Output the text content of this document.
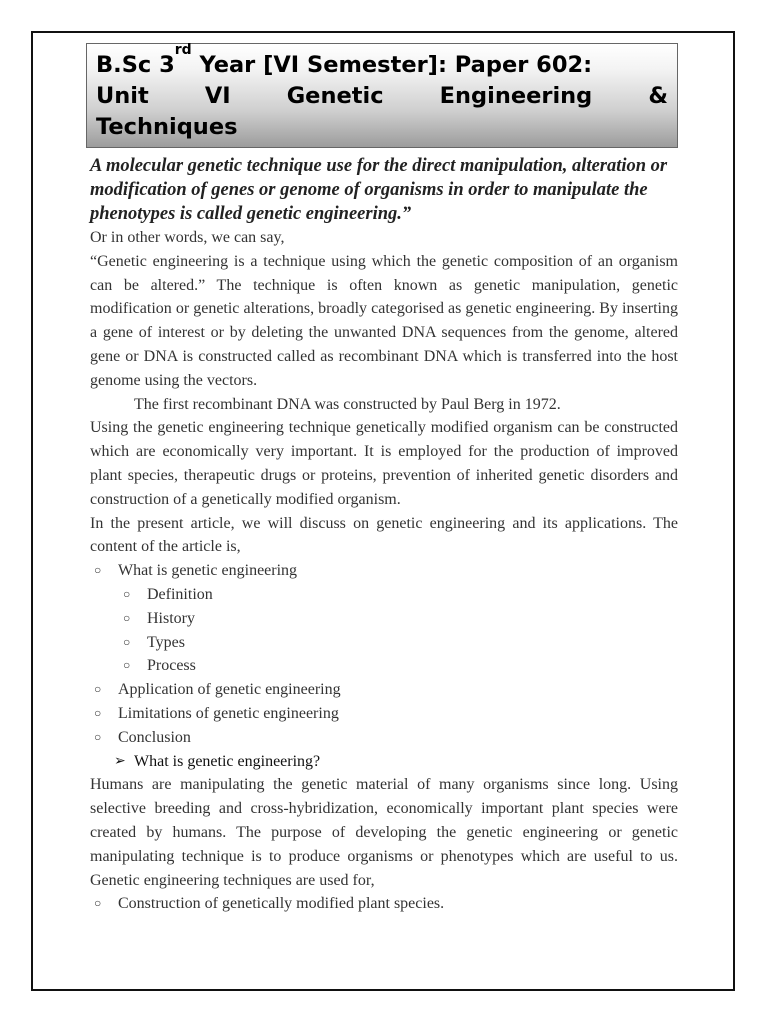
B.Sc 3
rd
Year [VI Semester]: Paper 602:
Unit VI Genetic Engineering &
Techniques

A molecular genetic technique use for the direct manipulation, alteration or modification of genes or genome of organisms in order to manipulate the phenotypes is called genetic engineering.”

Or in other words, we can say,

“Genetic engineering is a technique using which the genetic composition of an organism can be altered.” The technique is often known as genetic manipulation, genetic modification or genetic alterations, broadly categorised as genetic engineering. By inserting a gene of interest or by deleting the unwanted DNA sequences from the genome, altered gene or DNA is constructed called as recombinant DNA which is transferred into the host genome using the vectors.

The first recombinant DNA was constructed by Paul Berg in 1972.

Using the genetic engineering technique genetically modified organism can be constructed which are economically very important. It is employed for the production of improved plant species, therapeutic drugs or proteins, prevention of inherited genetic disorders and construction of a genetically modified organism.

In the present article, we will discuss on genetic engineering and its applications. The content of the article is,

○ What is genetic engineering
○ Definition
○ History
○ Types
○ Process
○ Application of genetic engineering
○ Limitations of genetic engineering
○ Conclusion
➢ What is genetic engineering?

Humans are manipulating the genetic material of many organisms since long. Using selective breeding and cross-hybridization, economically important plant species were created by humans. The purpose of developing the genetic engineering or genetic manipulating technique is to produce organisms or phenotypes which are useful to us. Genetic engineering techniques are used for,

○ Construction of genetically modified plant species.
